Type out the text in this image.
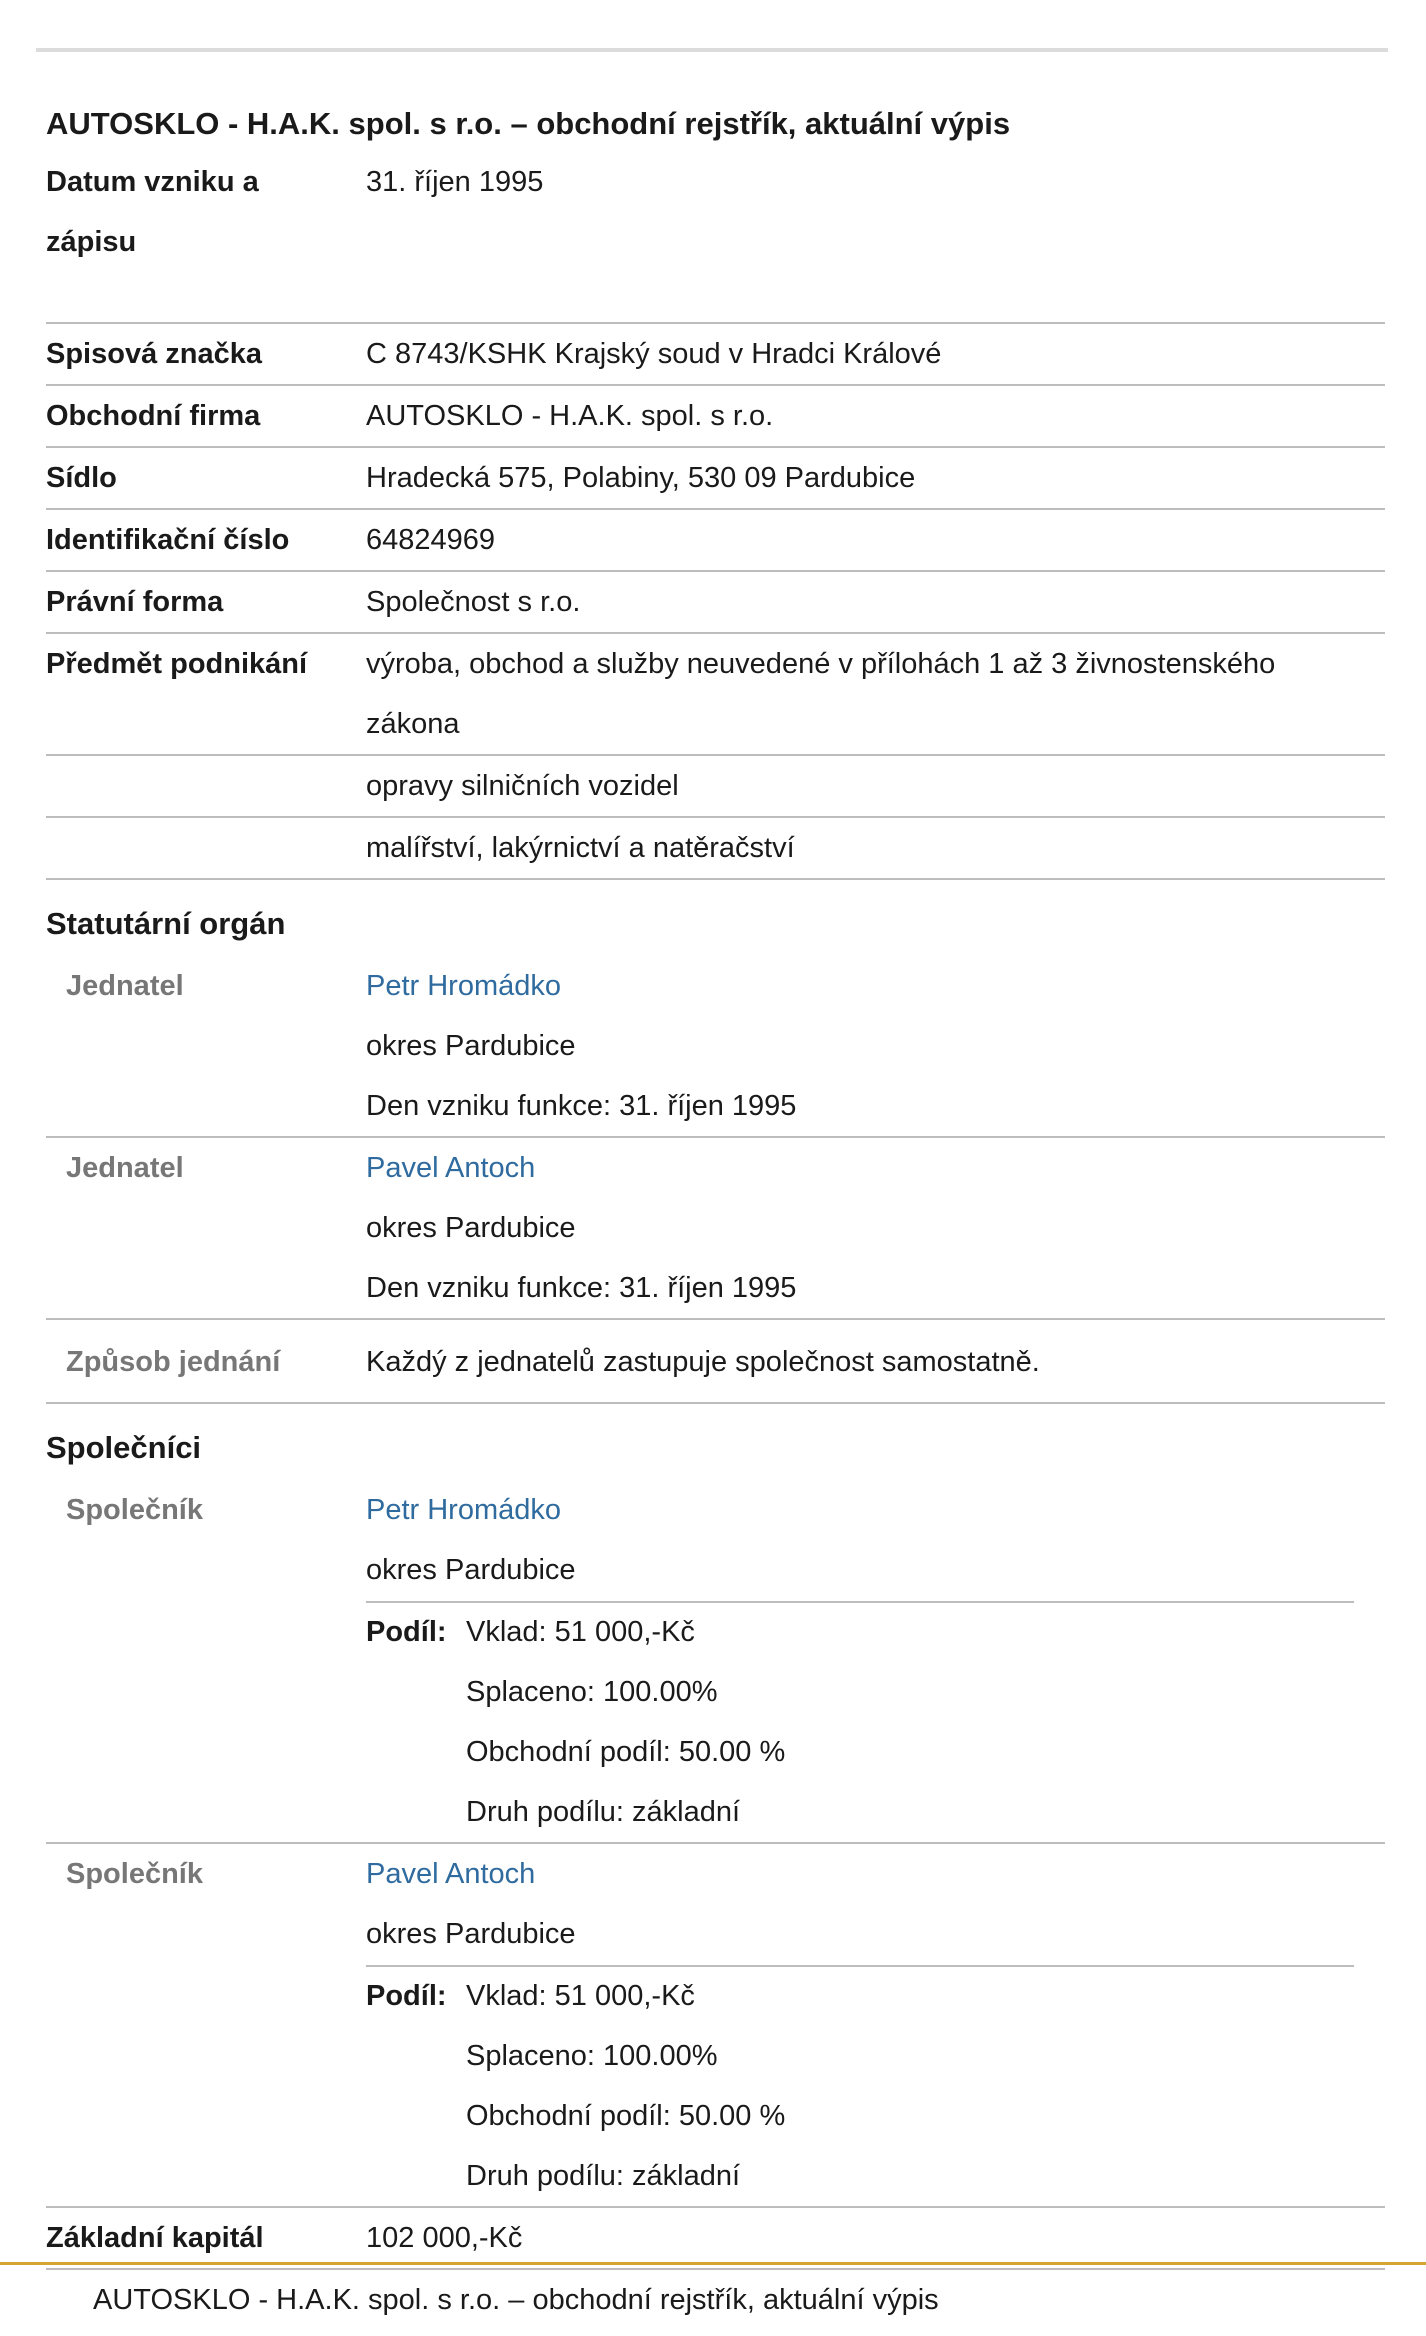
AUTOSKLO - H.A.K. spol. s r.o. – obchodní rejstřík, aktuální výpis
Datum vzniku a
zápisu
31. říjen 1995
Spisová značka	C 8743/KSHK Krajský soud v Hradci Králové
Obchodní firma	AUTOSKLO - H.A.K. spol. s r.o.
Sídlo	Hradecká 575, Polabiny, 530 09 Pardubice
Identifikační číslo	64824969
Právní forma	Společnost s r.o.
Předmět podnikání výroba, obchod a služby neuvedené v přílohách 1 až 3 živnostenského
zákona
opravy silničních vozidel
malířství, lakýrnictví a natěračství
Statutární orgán
Jednatel	Petr Hromádko
okres Pardubice
Den vzniku funkce: 31. říjen 1995
Jednatel	Pavel Antoch
okres Pardubice
Den vzniku funkce: 31. říjen 1995
Způsob jednání	Každý z jednatelů zastupuje společnost samostatně.
Společníci
Společník	Petr Hromádko
okres Pardubice
Podíl: Vklad: 51 000,-Kč
Splaceno: 100.00%
Obchodní podíl: 50.00 %
Druh podílu: základní
Společník	Pavel Antoch
okres Pardubice
Podíl: Vklad: 51 000,-Kč
Splaceno: 100.00%
Obchodní podíl: 50.00 %
Druh podílu: základní
Základní kapitál	102 000,-Kč
AUTOSKLO - H.A.K. spol. s r.o. – obchodní rejstřík, aktuální výpis
